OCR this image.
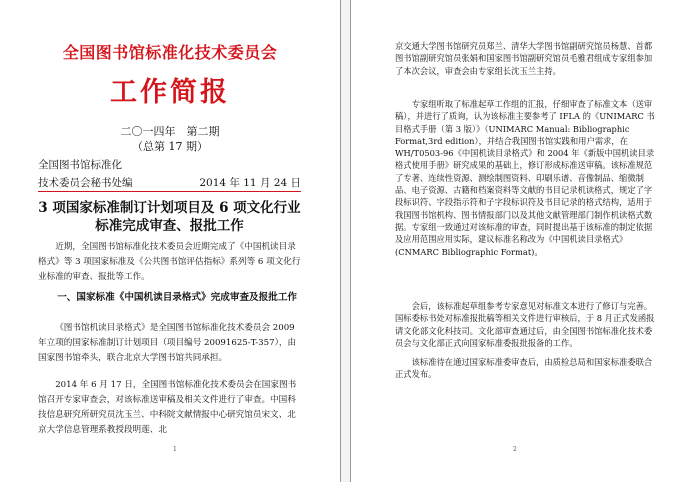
全国图书馆标准化技术委员会
工作简报
二〇一四年　第二期
（总第 17 期）
全国图书馆标准化
技术委员会秘书处编	2014 年 11 月 24 日
3 项国家标准制订计划项目及 6 项文化行业
标准完成审查、报批工作

近期，全国图书馆标准化技术委员会近期完成了《中国机读目录格式》等 3 项国家标准及《公共图书馆评估指标》系列等 6 项文化行业标准的审查、报批等工作。

一、国家标准《中国机读目录格式》完成审查及报批工作

《图书馆机读目录格式》是全国图书馆标准化技术委员会 2009 年立项的国家标准制订计划项目（项目编号 20091625-T-357），由国家图书馆牵头，联合北京大学图书馆共同承担。

2014 年 6 月 17 日，全国图书馆标准化技术委员会在国家图书馆召开专家审查会，对该标准送审稿及相关文件进行了审查。中国科技信息研究所研究员沈玉兰、中科院文献情报中心研究馆员宋文、北京大学信息管理系教授段明莲、北

1

京交通大学图书馆研究员郑兰、清华大学图书馆副研究馆员杨慧、首都图书馆副研究馆员张娟和国家图书馆副研究馆员毛雅君组成专家组参加了本次会议，审查会由专家组长沈玉兰主持。

专家组听取了标准起草工作组的汇报，仔细审查了标准文本（送审稿），并进行了质询，认为该标准主要参考了 IFLA 的《UNIMARC 书目格式手册（第 3 版）》（UNIMARC Manual: Bibliographic Format,3rd edition），并结合我国图书馆实践和用户需求，在 WH/T0503-96《中国机读目录格式》和 2004 年《新版中国机读目录格式使用手册》研究成果的基础上，修订形成标准送审稿。该标准规范了专著、连续性资源、测绘制图资料、印刷乐谱、音像制品、缩微制品、电子资源、古籍和档案资料等文献的书目记录机读格式，规定了字段标识符、字段指示符和子字段标识符及书目记录的格式结构，适用于我国图书馆机构、图书情报部门以及其他文献管理部门制作机读格式数据。专家组一致通过对该标准的审查，同时提出基于该标准的制定依据及应用范围应用实际，建议标准名称改为《中国机读目录格式》(CNMARC Bibliographic Format)。

会后，该标准起草组参考专家意见对标准文本进行了修订与完善。国标委标书处对标准报批稿等相关文件进行审核后，于 8 月正式发函报请文化部文化科技司。文化部审查通过后，由全国图书馆标准化技术委员会与文化部正式向国家标准委报批报备的工作。

该标准待在通过国家标准委审查后，由质检总局和国家标准委联合正式发布。

2
